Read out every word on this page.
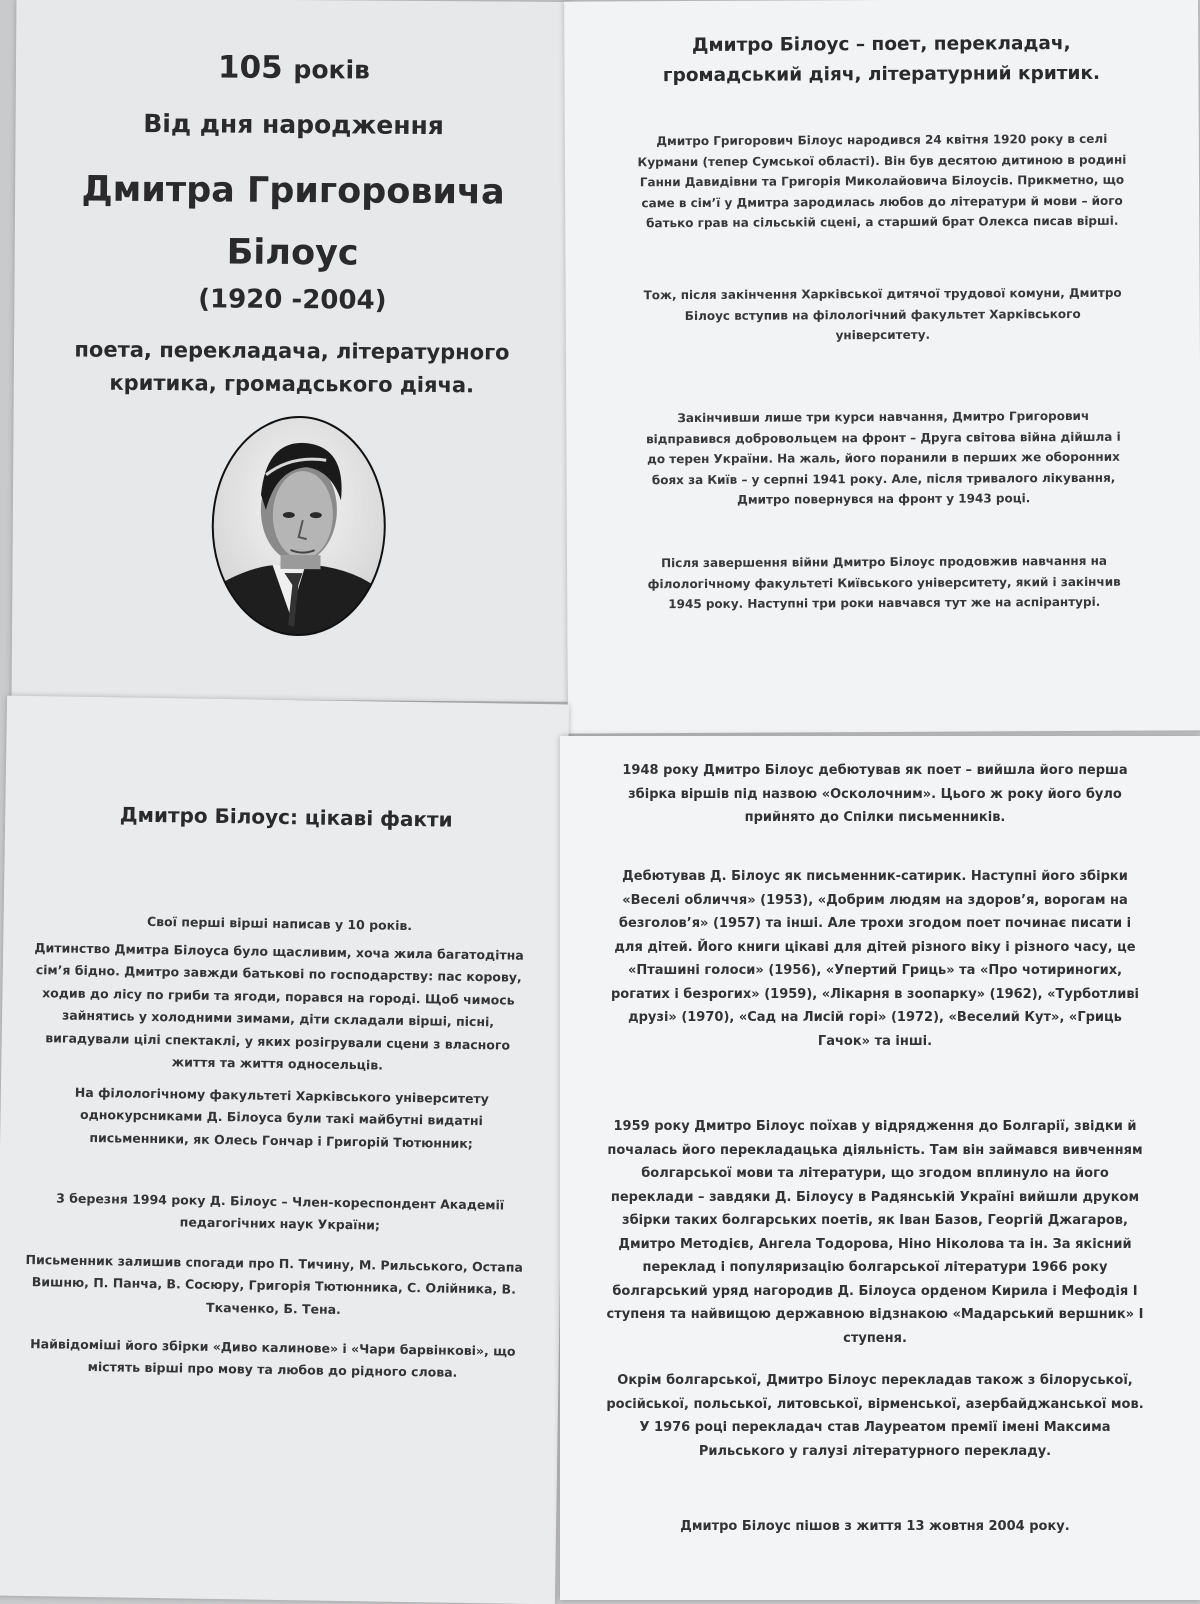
105 років
Від дня народження
Дмитра Григоровича
Білоус
(1920 -2004)
поета, перекладача, літературного
критика, громадського діяча.
Дмитро Білоус – поет, перекладач,
громадський діяч, літературний критик.

Дмитро Григорович Білоус народився 24 квітня 1920 року в селі Курмани (тепер Сумської області). Він був десятою дитиною в родині Ганни Давидівни та Григорія Миколайовича Білоусів. Прикметно, що саме в сім’ї у Дмитра зародилась любов до літератури й мови – його батько грав на сільській сцені, а старший брат Олекса писав вірші.

Тож, після закінчення Харківської дитячої трудової комуни, Дмитро Білоус вступив на філологічний факультет Харківського університету.

Закінчивши лише три курси навчання, Дмитро Григорович відправився добровольцем на фронт – Друга світова війна дійшла і до терен України. На жаль, його поранили в перших же оборонних боях за Київ – у серпні 1941 року. Але, після тривалого лікування, Дмитро повернувся на фронт у 1943 році.

Після завершення війни Дмитро Білоус продовжив навчання на філологічному факультеті Київського університету, який і закінчив 1945 року. Наступні три роки навчався тут же на аспірантурі.

Дмитро Білоус: цікаві факти

Свої перші вірші написав у 10 років.

Дитинство Дмитра Білоуса було щасливим, хоча жила багатодітна сім’я бідно. Дмитро завжди батькові по господарству: пас корову, ходив до лісу по гриби та ягоди, порався на городі. Щоб чимось зайнятись у холодними зимами, діти складали вірші, пісні, вигадували цілі спектаклі, у яких розігрували сцени з власного життя та життя односельців.

На філологічному факультеті Харківського університету однокурсниками Д. Білоуса були такі майбутні видатні письменники, як Олесь Гончар і Григорій Тютюнник;

3 березня 1994 року Д. Білоус – Член-кореспондент Академії педагогічних наук України;

Письменник залишив спогади про П. Тичину, М. Рильського, Остапа Вишню, П. Панча, В. Сосюру, Григорія Тютюнника, С. Олійника, В. Ткаченко, Б. Тена.

Найвідоміші його збірки «Диво калинове» і «Чари барвінкові», що містять вірші про мову та любов до рідного слова.

1948 року Дмитро Білоус дебютував як поет – вийшла його перша збірка віршів під назвою «Осколочним». Цього ж року його було прийнято до Спілки письменників.

Дебютував Д. Білоус як письменник-сатирик. Наступні його збірки «Веселі обличчя» (1953), «Добрим людям на здоров’я, ворогам на безголов’я» (1957) та інші. Але трохи згодом поет починає писати і для дітей. Його книги цікаві для дітей різного віку і різного часу, це «Пташині голоси» (1956), «Упертий Гриць» та «Про чотириногих, рогатих і безрогих» (1959), «Лікарня в зоопарку» (1962), «Турботливі друзі» (1970), «Сад на Лисій горі» (1972), «Веселий Кут», «Гриць Гачок» та інші.

1959 року Дмитро Білоус поїхав у відрядження до Болгарії, звідки й почалась його перекладацька діяльність. Там він займався вивченням болгарської мови та літератури, що згодом вплинуло на його переклади – завдяки Д. Білоусу в Радянській Україні вийшли друком збірки таких болгарських поетів, як Іван Базов, Георгій Джагаров, Дмитро Методієв, Ангела Тодорова, Ніно Ніколова та ін. За якісний переклад і популяризацію болгарської літератури 1966 року болгарський уряд нагородив Д. Білоуса орденом Кирила і Мефодія I ступеня та найвищою державною відзнакою «Мадарський вершник» I ступеня.

Окрім болгарської, Дмитро Білоус перекладав також з білоруської, російської, польської, литовської, вірменської, азербайджанської мов. У 1976 році перекладач став Лауреатом премії імені Максима Рильського у галузі літературного перекладу.

Дмитро Білоус пішов з життя 13 жовтня 2004 року.
